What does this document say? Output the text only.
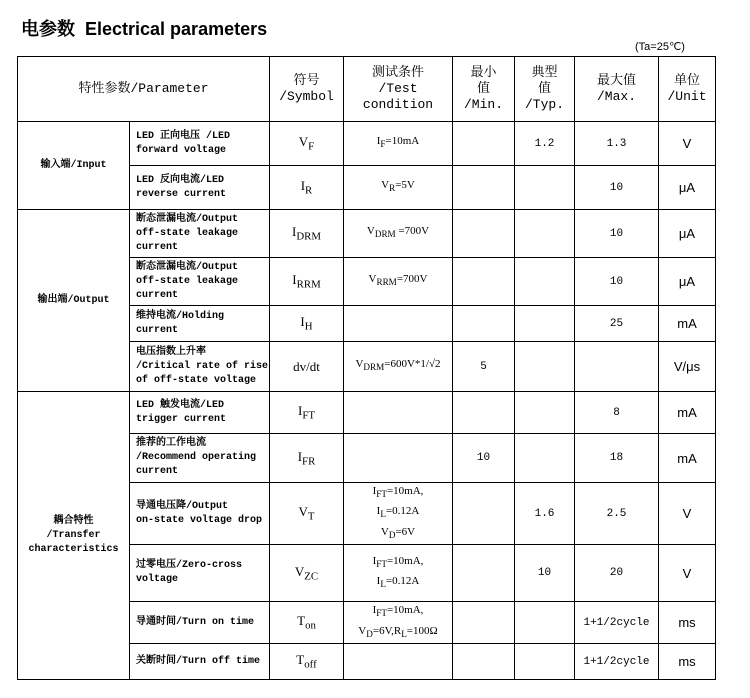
电参数 Electrical parameters
(Ta=25℃)
特性参数/Parameter		符号
/Symbol	测试条件
/Test
condition	最小
值
/Min.	典型
值
/Typ.	最大值
/Max.	单位
/Unit
输入端/Input	LED 正向电压 /LED
forward voltage	$V_F$	$I_F=10mA$		1.2	1.3	V
	LED 反向电流/LED
reverse current	$I_R$	$V_R=5V$			10	μA
输出端/Output	断态泄漏电流/Output
off-state leakage
current	$I_{DRM}$	$V_{DRM} =700V$			10	μA
	断态泄漏电流/Output
off-state leakage
current	$I_{RRM}$	$V_{RRM}=700V$			10	μA
	维持电流/Holding
current	$I_H$				25	mA
	电压指数上升率
/Critical rate of rise
of off-state voltage	dv/dt	$V_{DRM}=600V*1/√2$	5			V/μs
耦合特性
/Transfer
characteristics	LED 触发电流/LED
trigger current	$I_{FT}$				8	mA
	推荐的工作电流
/Recommend operating
current	$I_{FR}$		10		18	mA
	导通电压降/Output
on-state voltage drop	$V_T$	$I_{FT}=10mA$,
$I_L=0.12A$
$V_D=6V$		1.6	2.5	V
	过零电压/Zero-cross
voltage	$V_{ZC}$	$I_{FT}=10mA$,
$I_L=0.12A$		10	20	V
	导通时间/Turn on time	$T_{on}$	$I_{FT}=10mA$,
$V_D=6V,R_L=100\Omega$			1+1/2cycle	ms
	关断时间/Turn off time	$T_{off}$				1+1/2cycle	ms
